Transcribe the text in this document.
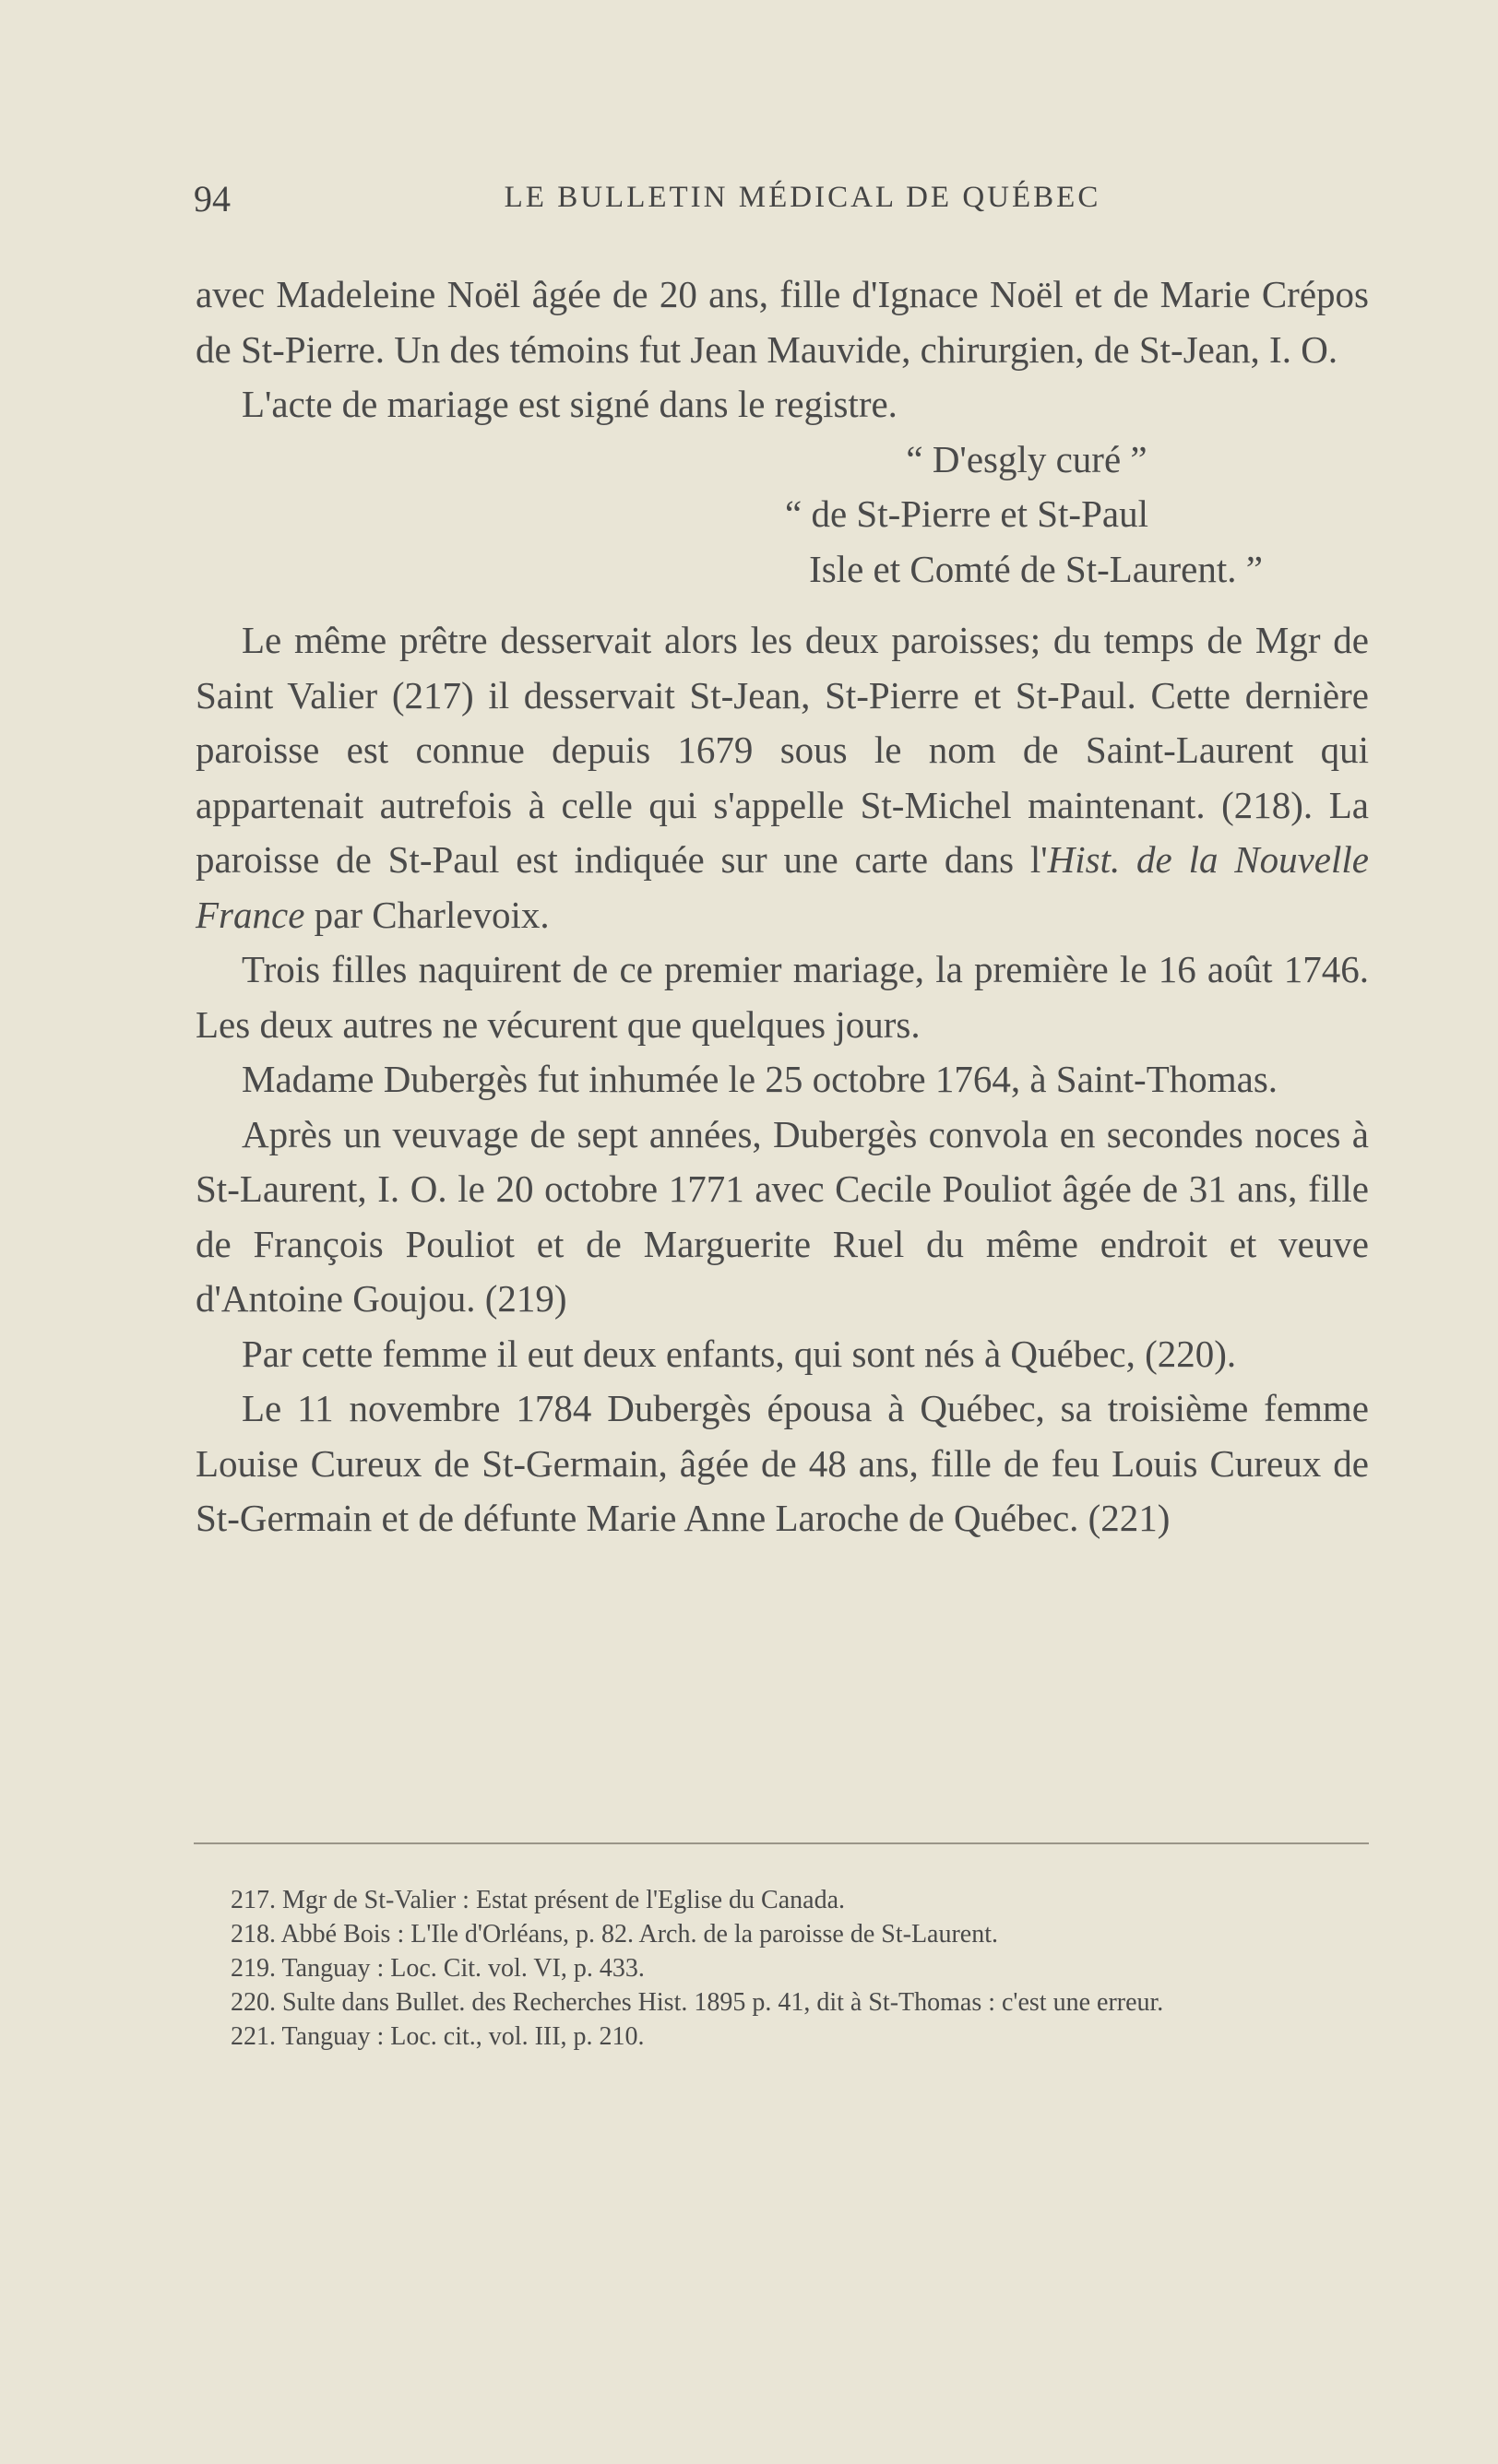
94	LE BULLETIN MÉDICAL DE QUÉBEC

avec Madeleine Noël âgée de 20 ans, fille d'Ignace Noël et de Marie Crépos de St-Pierre. Un des témoins fut Jean Mauvide, chirurgien, de St-Jean, I. O.

L'acte de mariage est signé dans le registre.

“ D'esgly curé ”

“ de St-Pierre et St-Paul

Isle et Comté de St-Laurent. ”

Le même prêtre desservait alors les deux paroisses; du temps de Mgr de Saint Valier (217) il desservait St-Jean, St-Pierre et St-Paul. Cette dernière paroisse est connue depuis 1679 sous le nom de Saint-Laurent qui appartenait autrefois à celle qui s'appelle St-Michel maintenant. (218). La paroisse de St-Paul est indiquée sur une carte dans l'Hist. de la Nouvelle France par Charlevoix.

Trois filles naquirent de ce premier mariage, la première le 16 août 1746. Les deux autres ne vécurent que quelques jours.

Madame Dubergès fut inhumée le 25 octobre 1764, à Saint-Thomas.

Après un veuvage de sept années, Dubergès convola en secondes noces à St-Laurent, I. O. le 20 octobre 1771 avec Cecile Pouliot âgée de 31 ans, fille de François Pouliot et de Marguerite Ruel du même endroit et veuve d'Antoine Goujou. (219)

Par cette femme il eut deux enfants, qui sont nés à Québec, (220).

Le 11 novembre 1784 Dubergès épousa à Québec, sa troisième femme Louise Cureux de St-Germain, âgée de 48 ans, fille de feu Louis Cureux de St-Germain et de défunte Marie Anne Laroche de Québec. (221)

217. Mgr de St-Valier : Estat présent de l'Eglise du Canada.

218. Abbé Bois : L'Ile d'Orléans, p. 82. Arch. de la paroisse de St-Laurent.

219. Tanguay : Loc. Cit. vol. VI, p. 433.

220. Sulte dans Bullet. des Recherches Hist. 1895 p. 41, dit à St-Thomas : c'est une erreur.

221. Tanguay : Loc. cit., vol. III, p. 210.
